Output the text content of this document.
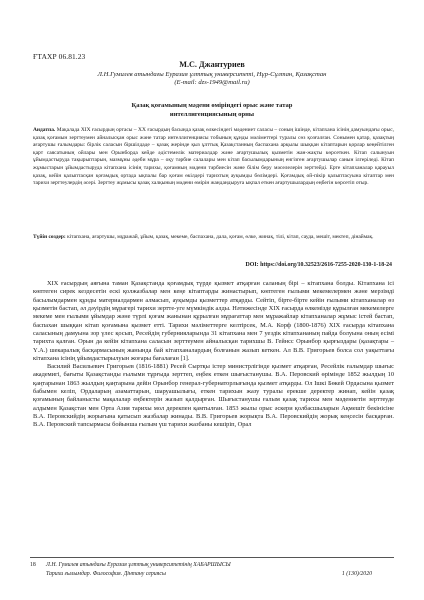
ҒТАХР 06.81.23
М.С. Джантуриев
Л.Н.Гумилев атындағы Еуразия ұлттық университеті, Нұр-Сұлтан, Қазақстан
(E-mail: dzs-1949@mail.ru)
Қазақ қоғамының мәдени өміріндегі орыс және татар
интеллигенциясының орны
Андатпа. Мақалада XIX ғасырдың ортасы – XX ғасырдың басында қазақ өлкесіндегі мәдениет саласы – соның ішінде, кітапхана ісінің дамуындағы орыс, қазақ қоғамын зерттеумен айналысқан орыс және татар интеллигенциясы тобының құнды мәліметтері туралы сөз қозғалған. Сонымен қатар, қазақтың ағартушы ғалымдары: бірлік саласын біршілдаде – қазақ жерінде қыз ұлттық Қазақстанның баспахана арқылы шыққан кітаптарын қорлар кеңейтілген қарт саясатының ойлары мен Орынборда кейде әдістемелік материалдар және ағартушылық қызметін жан-жақты көрсеткен. Кітап салынуын ұйымдастыруда тақырыптарын, мазмұны әдеби мұра – оқу тәрбие салалары мен кітап басылымдарының енгізген ағартушылар санын ілгеріледі. Кітап жұмыстарын ұйымдастыруда кітапхана ісінің тарихы, қоғамның мәдени тәрбиесін және білім беру мәселелерін зерттейді. Ерте кітапханалар қарауыл қазақ, кейін қалыптасқан қоғамдық ортада ықпалы бар қоғам өкілдері тарихтың ауқымды бөлімдері. Қоғамдық ой-пікір қалыптасуына кітаптар мен тарихи зерттеулердің әсері. Зерттеу жұмысы қазақ халқының мәдени өмірін жандандыруға ықпал еткен ағартушылардың еңбегін көрсетіп отыр.
Түйін сөздер: кітапхана, ағартушы, мұражай, ұйым, қазақ, мекеме, баспахана, дала, қоғам, өлке, жинақ, тілі, кітап, сауда, мешіт, мектеп, дінаймақ.
DOI: https://doi.org/10.32523/2616-7255-2020-130-1-18-24

XIX ғасырдың аяғына таман Қазақстанда қоғамдық түрде қызмет атқарған саланың бірі – кітапхана болды. Кітапхана ісі көптеген сирек кездесетін ескі қолжазбалар мен кеңе кітаптарды жинастырып, көптеген ғылыми мекемелермен және мерзімді басылымдармен құнды материалдармен алмасып, ауқымды қызметтер атқарды. Сейтіп, бірте-бірте кейін ғылыми кітапханалар өз қызметін бастап, әл дәуірдің мұрагері тарихи зертте-уге мүмкіндік алды. Нәтижесінде XIX ғасырда өлкемізде құрылған мекемелерге мекеме мен ғылыми ұйымдар және түрлі қоғам жанынан құрылған мұрағаттар мен мұражайлар кітапханалар жұмыс істей бастап, баспахан шыққан кітап қоғамына қызмет етті. Тарихи мәліметтерге келтірсек, М.А. Корф (1800-1876) XIX ғасырда кітапхана саласының дамуына зор үлес қосып, Ресейдің губернияларында 31 кітапхана мен 7 уездік кітапхананың пайда болуына оның есімі тарихта қалған. Орын да кейін кітапхана саласын зерттеумен айналысқан тарихшы В. Гейнсс Орынбор қырғыздары (қазақтары – Ү.А.) шекаралық басқармасының жанында бай кітапханалардың болғанын жазып кеткен. Ал В.В. Григорьев болса сол уақыттағы кітапхана ісінің ұйымдастырылуын жоғары бағалаған [1].

Василий Васильевич Григорьев (1816-1881) Ресей Сыртқы істер министрлігінде қызмет атқарған, Ресейлік ғалымдар шығыс академигі, бағыты Қазақстанды ғылыми тұрғыда зерттеп, еңбек еткен шығыстанушы. В.А. Перовский өрімінде 1852 жылдың 10 қаңтарынан 1863 жылдың қаңтарына дейін Орынбор генерал-губернаторлығында қызмет атқарды. Ол Ішкі Бөкей Ордасына қызмет бабымен келіп, Ордаларың азаматтарын, шаруашылығы, еткен тарихын жазу туралы ерекше деректер жинап, кейін қазақ қоғамының байланысты мақалалар еңбектерін жазып қалдырған. Шығыстанушы ғалым қазақ тарихы мен мәдениетін зерттеуде алдымен Қазақстан мен Орта Азия тарихы мол дерекпен қамтылған. 1853 жылы орыс әскери қолбасшыларын Ақмешіт бекінісіне В.А. Перовскийдің жорығына қатысып жазбалар жинады. В.В. Григорьев жорықта В.А. Перовскийдің жорық кеңсесін басқарған. В.А. Перовский тапсырмасы бойынша ғылым үш тарихи жазбаны кешіріп, Орал

18 Л.Н. Гумилев атындағы Еуразия ұлттық университетінің ХАБАРШЫСЫ
Тарихи ғылымдар. Философия. Дінтану сериясы	1 (130)/2020
